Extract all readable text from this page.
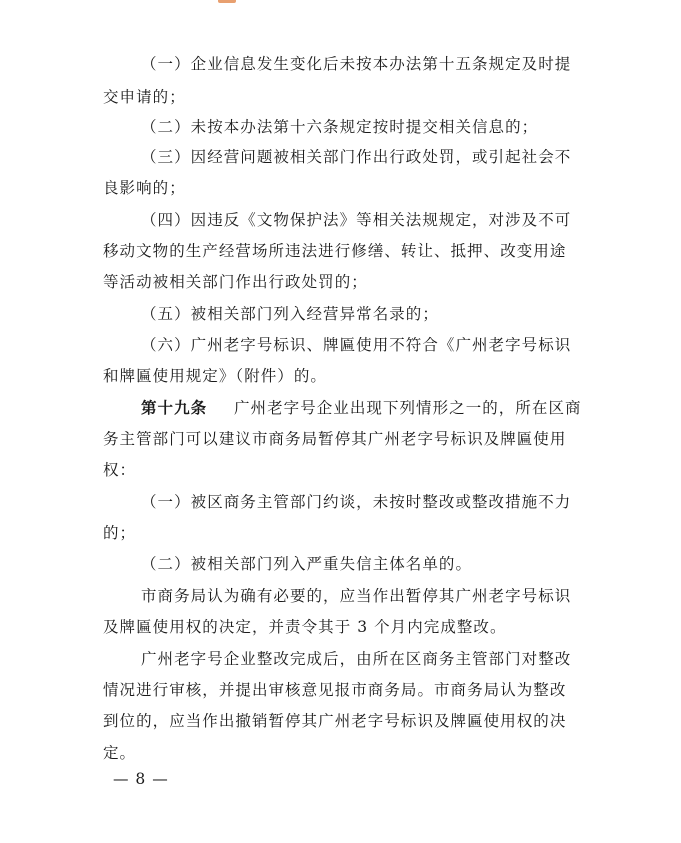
（一）企业信息发生变化后未按本办法第十五条规定及时提
交申请的；
（二）未按本办法第十六条规定按时提交相关信息的；
（三）因经营问题被相关部门作出行政处罚，或引起社会不
良影响的；
（四）因违反《文物保护法》等相关法规规定，对涉及不可
移动文物的生产经营场所违法进行修缮、转让、抵押、改变用途
等活动被相关部门作出行政处罚的；
（五）被相关部门列入经营异常名录的；
（六）广州老字号标识、牌匾使用不符合《广州老字号标识
和牌匾使用规定》（附件）的。
第十九条 广州老字号企业出现下列情形之一的，所在区商
务主管部门可以建议市商务局暂停其广州老字号标识及牌匾使用
权：
（一）被区商务主管部门约谈，未按时整改或整改措施不力
的；
（二）被相关部门列入严重失信主体名单的。
市商务局认为确有必要的，应当作出暂停其广州老字号标识
及牌匾使用权的决定，并责令其于 3 个月内完成整改。
广州老字号企业整改完成后，由所在区商务主管部门对整改
情况进行审核，并提出审核意见报市商务局。市商务局认为整改
到位的，应当作出撤销暂停其广州老字号标识及牌匾使用权的决
定。
— 8 —
